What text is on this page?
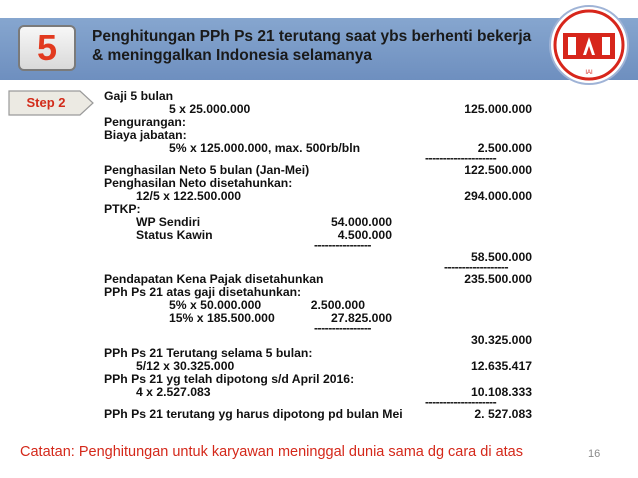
5	Penghitungan PPh Ps 21 terutang saat ybs berhenti bekerja
& meninggalkan Indonesia selamanya
IAI
Step 2	Gaji 5 bulan
5 x 25.000.000	125.000.000
Pengurangan:
Biaya jabatan:
5% x 125.000.000, max. 500rb/bln	2.500.000
--------------------
Penghasilan Neto 5 bulan (Jan-Mei)	122.500.000
Penghasilan Neto disetahunkan:
12/5 x 122.500.000	294.000.000
PTKP:
WP Sendiri	54.000.000
Status Kawin	4.500.000
----------------
58.500.000
------------------
Pendapatan Kena Pajak disetahunkan	235.500.000
PPh Ps 21 atas gaji disetahunkan:
5% x 50.000.000	2.500.000
15% x 185.500.000	27.825.000
----------------
30.325.000
PPh Ps 21 Terutang selama 5 bulan:
5/12 x 30.325.000	12.635.417
PPh Ps 21 yg telah dipotong s/d April 2016:
4 x 2.527.083	10.108.333
--------------------
PPh Ps 21 terutang yg harus dipotong pd bulan Mei	2. 527.083
Catatan: Penghitungan untuk karyawan meninggal dunia sama dg cara di atas	16
